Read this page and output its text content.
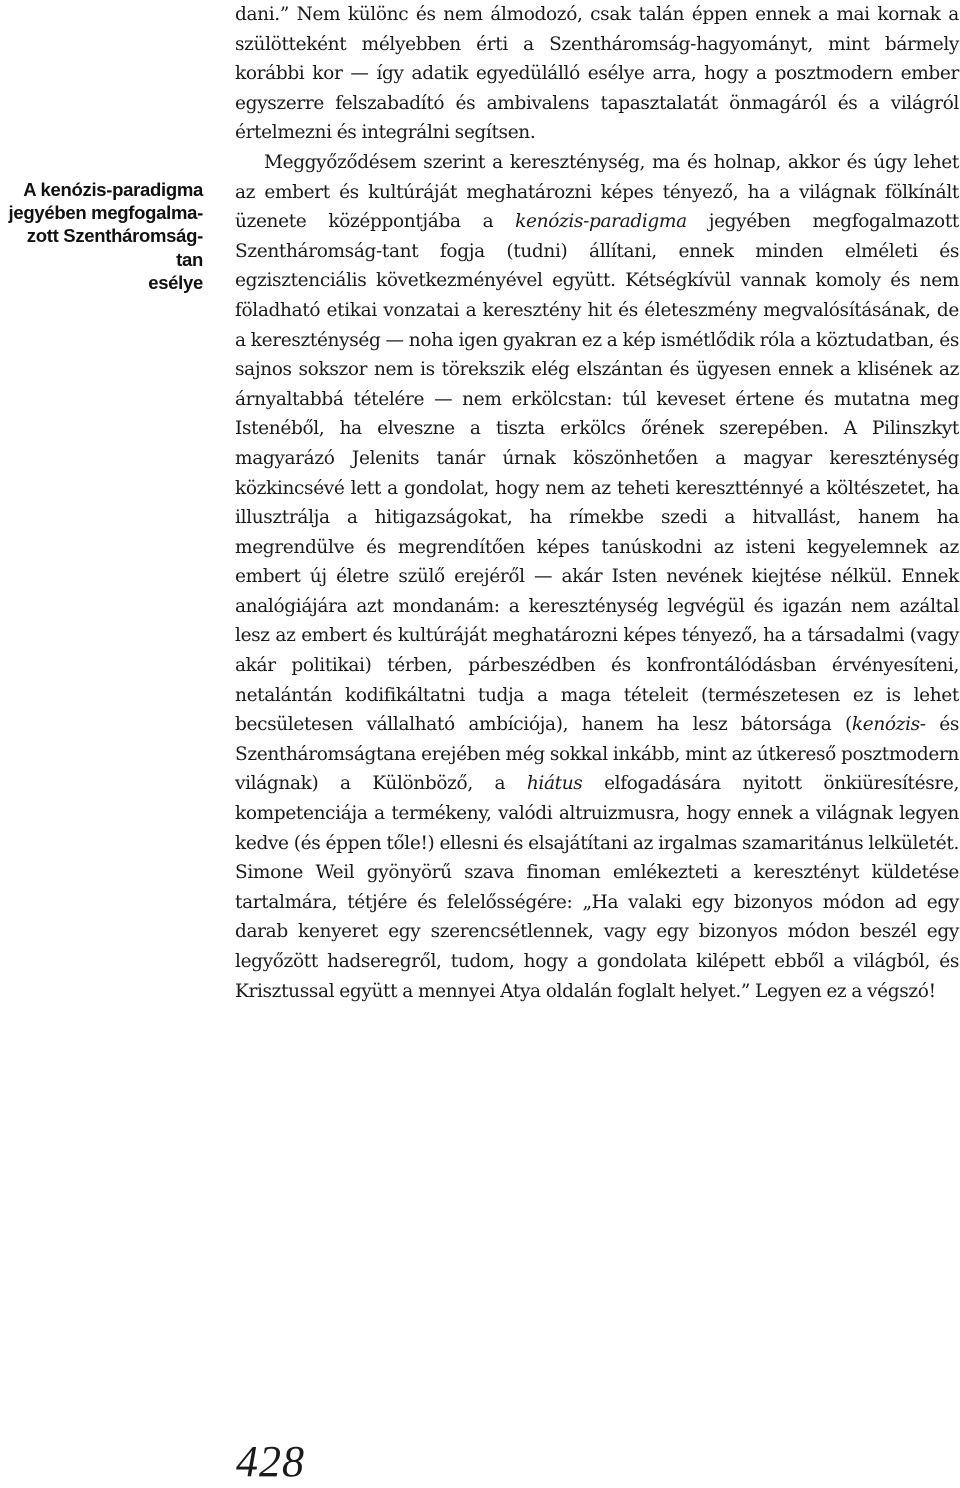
A kenózis-paradigma
jegyében megfogalma-
zott Szentháromság-tan
esélye

dani.” Nem különc és nem álmodozó, csak talán éppen ennek a mai kornak a szülötteként mélyebben érti a Szentháromság-hagyományt, mint bármely korábbi kor — így adatik egyedülálló esélye arra, hogy a posztmodern ember egyszerre felszabadító és ambivalens tapasztalatát önmagáról és a világról értelmezni és integrálni segítsen.

Meggyőződésem szerint a kereszténység, ma és holnap, akkor és úgy lehet az embert és kultúráját meghatározni képes tényező, ha a világnak fölkínált üzenete középpontjába a kenózis-paradigma jegyében megfogalmazott Szentháromság-tant fogja (tudni) állítani, ennek minden elméleti és egzisztenciális következményével együtt. Kétségkívül vannak komoly és nem föladható etikai vonzatai a keresztény hit és életeszmény megvalósításának, de a kereszténység — noha igen gyakran ez a kép ismétlődik róla a köztudatban, és sajnos sokszor nem is törekszik elég elszántan és ügyesen ennek a klisének az árnyaltabbá tételére — nem erkölcstan: túl keveset értene és mutatna meg Istenéből, ha elveszne a tiszta erkölcs őrének szerepében. A Pilinszkyt magyarázó Jelenits tanár úrnak köszönhetően a magyar kereszténység közkincsévé lett a gondolat, hogy nem az teheti keresztténnyé a költészetet, ha illusztrálja a hitigazságokat, ha rímekbe szedi a hitvallást, hanem ha megrendülve és megrendítően képes tanúskodni az isteni kegyelemnek az embert új életre szülő erejéről — akár Isten nevének kiejtése nélkül. Ennek analógiájára azt mondanám: a kereszténység legvégül és igazán nem azáltal lesz az embert és kultúráját meghatározni képes tényező, ha a társadalmi (vagy akár politikai) térben, párbeszédben és konfrontálódásban érvényesíteni, netalántán kodifikáltatni tudja a maga tételeit (természetesen ez is lehet becsületesen vállalható ambíciója), hanem ha lesz bátorsága (kenózis- és Szentháromságtana erejében még sokkal inkább, mint az útkereső posztmodern világnak) a Különböző, a hiátus elfogadására nyitott önkiüresítésre, kompetenciája a termékeny, valódi altruizmusra, hogy ennek a világnak legyen kedve (és éppen tőle!) ellesni és elsajátítani az irgalmas szamaritánus lelkületét. Simone Weil gyönyörű szava finoman emlékezteti a keresztényt küldetése tartalmára, tétjére és felelősségére: „Ha valaki egy bizonyos módon ad egy darab kenyeret egy szerencsétlennek, vagy egy bizonyos módon beszél egy legyőzött hadseregről, tudom, hogy a gondolata kilépett ebből a világból, és Krisztussal együtt a mennyei Atya oldalán foglalt helyet.” Legyen ez a végszó!

428
